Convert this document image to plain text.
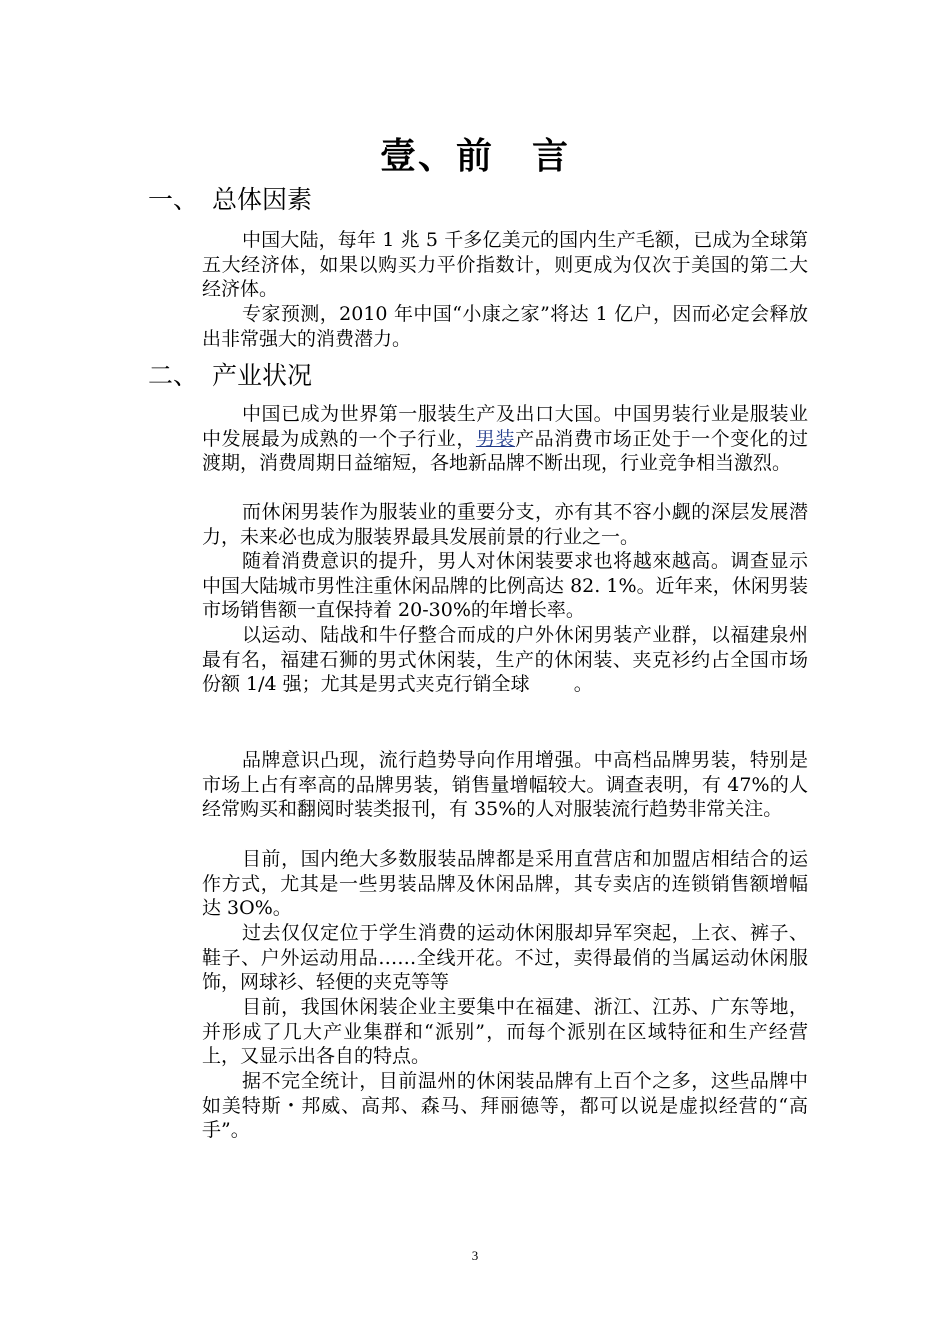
壹、前 言
一、 总体因素

中国大陆，每年 1 兆 5 千多亿美元的国内生产毛额，已成为全球第五大经济体，如果以购买力平价指数计，则更成为仅次于美国的第二大经济体。

专家预测，2010 年中国“小康之家”将达 1 亿户，因而必定会释放出非常强大的消费潜力。

二、 产业状况

中国已成为世界第一服装生产及出口大国。中国男装行业是服装业中发展最为成熟的一个子行业，男装产品消费市场正处于一个变化的过渡期，消费周期日益缩短，各地新品牌不断出现，行业竞争相当激烈。

而休闲男装作为服装业的重要分支，亦有其不容小觑的深层发展潜力，未来必也成为服装界最具发展前景的行业之一。

随着消费意识的提升，男人对休闲装要求也将越來越高。调查显示中国大陆城市男性注重休闲品牌的比例高达 82. 1%。近年来，休闲男装市场销售额一直保持着 20-30%的年增长率。

以运动、陆战和牛仔整合而成的户外休闲男装产业群，以福建泉州最有名，福建石狮的男式休闲装，生产的休闲装、夹克衫约占全国市场份额 1/4 强；尤其是男式夹克行销全球　　 。

品牌意识凸现，流行趋势导向作用增强。中高档品牌男装，特别是市场上占有率高的品牌男装，销售量增幅较大。调查表明，有 47%的人经常购买和翻阅时装类报刊，有 35%的人对服装流行趋势非常关注。

目前，国内绝大多数服装品牌都是采用直营店和加盟店相结合的运作方式，尤其是一些男装品牌及休闲品牌，其专卖店的连锁销售额增幅达 3O%。

过去仅仅定位于学生消费的运动休闲服却异军突起，上衣、裤子、鞋子、户外运动用品……全线开花。不过，卖得最俏的当属运动休闲服饰，网球衫、轻便的夹克等等

目前，我国休闲装企业主要集中在福建、浙江、江苏、广东等地，并形成了几大产业集群和“派别”，而每个派别在区域特征和生产经营上，又显示出各自的特点。

据不完全统计，目前温州的休闲装品牌有上百个之多，这些品牌中如美特斯・邦威、高邦、森马、拜丽德等，都可以说是虚拟经营的“高手”。

3
